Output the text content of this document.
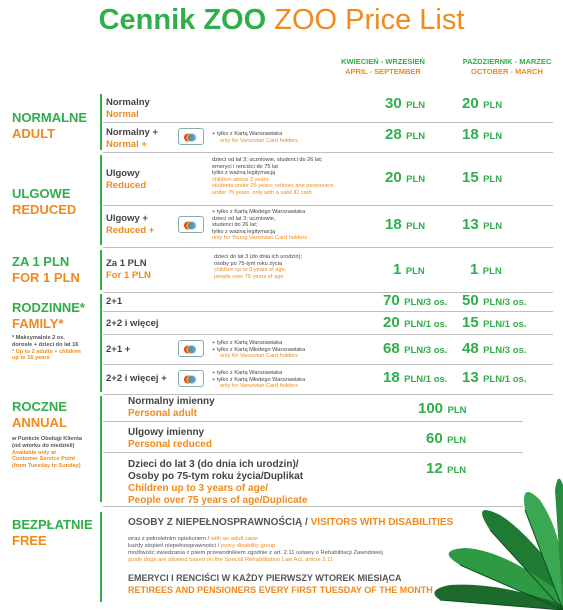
Cennik ZOO ZOO Price List
KWIECIEŃ - WRZESIEŃ
APRIL - SEPTEMBER
PAŹDZIERNIK - MARZEC
OCTOBER - MARCH
NORMALNE
ADULT
Normalny
Normal
30 PLN 20 PLN
Normalny +
Normal +
+ tylko z Kartą Warszawiaka
only for Varsovian Card holders	28 PLN 18 PLN
ULGOWE
REDUCED
Ulgowy
Reduced
dzieci od lat 3; uczniowie, studenci do 26 lat;
emeryci i renciści do 75 lat
tylko z ważną legitymacją
children above 3 years;
students under 26 years; retirees and pensioners
under 75 years, only with a valid ID card
20 PLN 15 PLN
Ulgowy +
Reduced +
+ tylko z Kartą Młodego Warszawiaka
dzieci od lat 3; uczniowie,
studenci do 26 lat;
tylko z ważną legitymacją
only for Young Varsovian Card holders
18 PLN 13 PLN
ZA 1 PLN
FOR 1 PLN
Za 1 PLN
For 1 PLN
dzieci do lat 3 (do dnia ich urodzin);
osoby po 75-tym roku życia
children up to 3 years of age;
people over 75 years of age	1 PLN	1 PLN
RODZINNE*
FAMILY*
* Maksymalnie 2 os.
dorosłe + dzieci do lat 16
* Up to 2 adults + children
up to 16 years
2+1	70 PLN/3 os. 50 PLN/3 os.
2+2 i więcej	20 PLN/1 os. 15 PLN/1 os.
2+1 +
+ tylko z Kartą Warszawiaka
+ tylko z Kartą Młodego Warszawiaka
only for Varsovian Card holders	68 PLN/3 os. 48 PLN/3 os.
2+2 i więcej +	+ tylko z Kartą Warszawiaka
+ tylko z Kartą Młodego Warszawiaka
only for Varsovian Card holders
18 PLN/1 os. 13 PLN/1 os.
ROCZNE
ANNUAL
w Punkcie Obsługi Klienta
(od wtorku do niedzieli)
Available only at
Customer Service Point
(from Tuesday to Sunday)
Normalny imienny
Personal adult	100 PLN
Ulgowy imienny
Personal reduced	60 PLN
Dzieci do lat 3 (do dnia ich urodzin)/
Osoby po 75-tym roku życia/Duplikat
Children up to 3 years of age/
People over 75 years of age/Duplicate
12 PLN
BEZPŁATNIE
FREE
OSOBY Z NIEPEŁNOSPRAWNOŚCIĄ / VISITORS WITH DISABILITIES
wraz z pełnoletnim opiekunem / with an adult carer
każdy stopień niepełnosprawności / every disability group
możliwość zwiedzania z psem przewodnikiem zgodnie z art. 2.11 ustawy o Rehabilitacji Zawodowej
guide dogs are allowed based on the Special Rehabilitation Law Act, article 2.11
EMERYCI I RENCIŚCI W KAŻDY PIERWSZY WTOREK MIESIĄCA
RETIREES AND PENSIONERS EVERY FIRST TUESDAY OF THE MONTH
